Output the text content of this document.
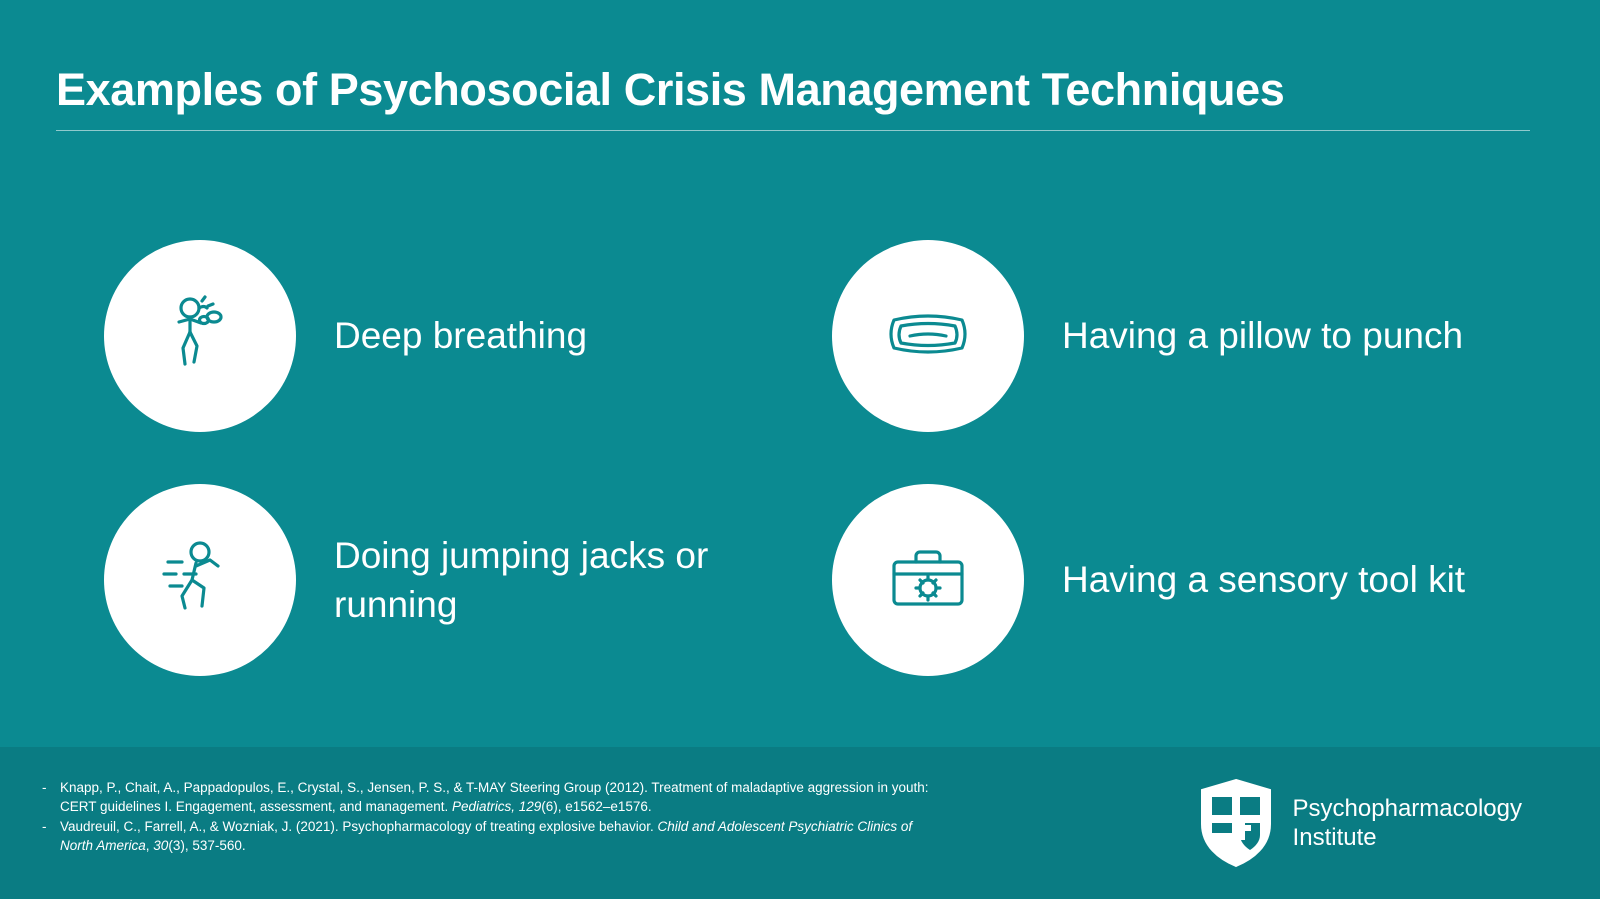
Examples of Psychosocial Crisis Management Techniques
Deep breathing	Having a pillow to punch
Doing jumping jacks or running
Having a sensory tool kit
-	Knapp, P., Chait, A., Pappadopulos, E., Crystal, S., Jensen, P. S., & T-MAY Steering Group (2012). Treatment of maladaptive aggression in youth: CERT guidelines I. Engagement, assessment, and management. Pediatrics, 129(6), e1562–e1576.
-	Vaudreuil, C., Farrell, A., & Wozniak, J. (2021). Psychopharmacology of treating explosive behavior. Child and Adolescent Psychiatric Clinics of North America, 30(3), 537-560.
Psychopharmacology
Institute
